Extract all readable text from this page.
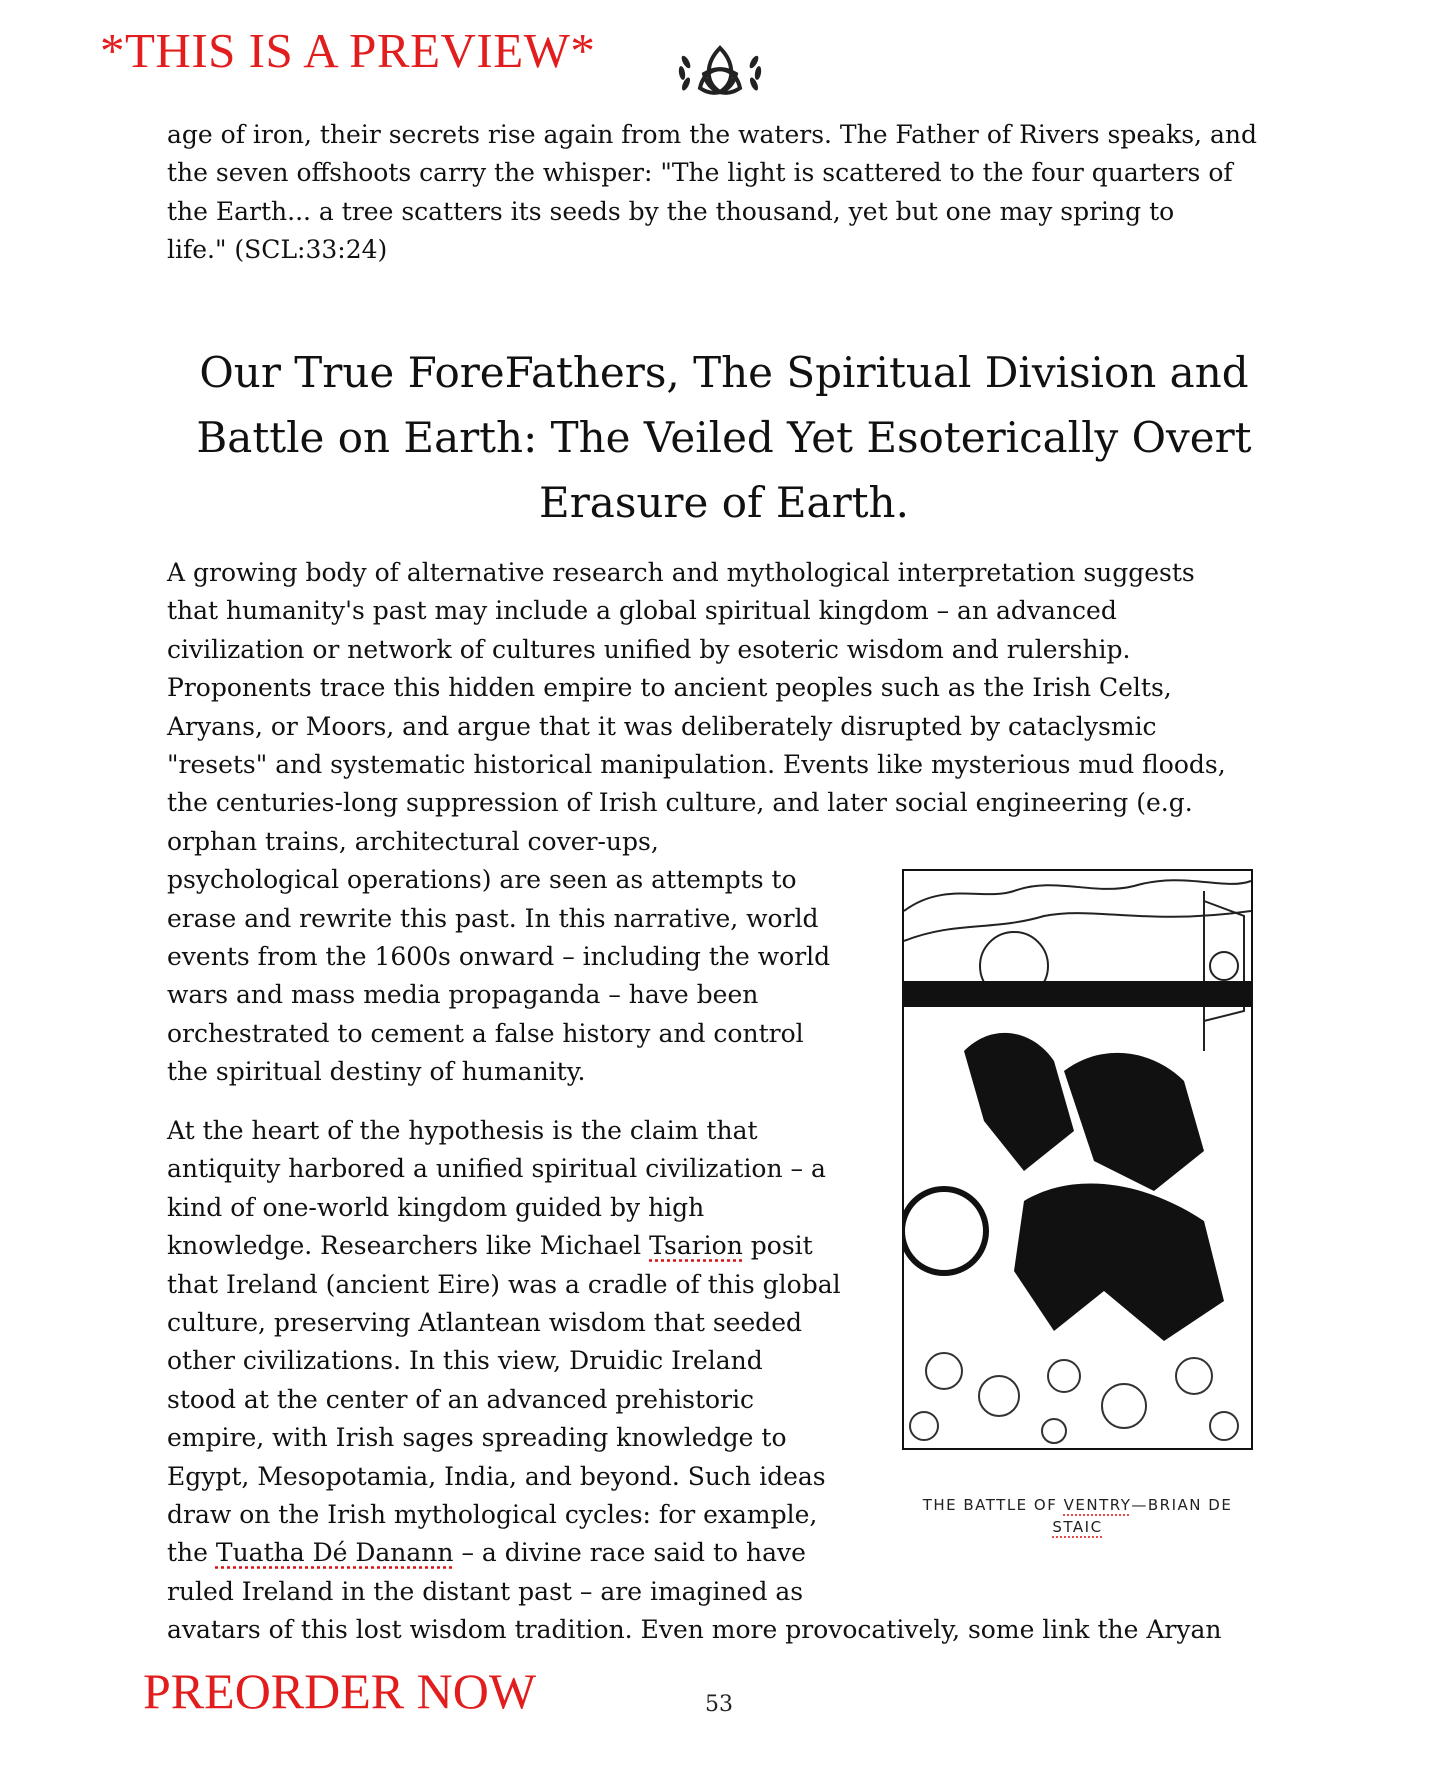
*THIS IS A PREVIEW*
age of iron, their secrets rise again from the waters. The Father of Rivers speaks, and
the seven offshoots carry the whisper: "The light is scattered to the four quarters of
the Earth... a tree scatters its seeds by the thousand, yet but one may spring to
life." (SCL:33:24)
Our True ForeFathers, The Spiritual Division and
Battle on Earth: The Veiled Yet Esoterically Overt
Erasure of Earth.
A growing body of alternative research and mythological interpretation suggests
that humanity's past may include a global spiritual kingdom – an advanced
civilization or network of cultures unified by esoteric wisdom and rulership.
Proponents trace this hidden empire to ancient peoples such as the Irish Celts,
Aryans, or Moors, and argue that it was deliberately disrupted by cataclysmic
"resets" and systematic historical manipulation. Events like mysterious mud floods,
the centuries-long suppression of Irish culture, and later social engineering (e.g.
orphan trains, architectural cover-ups,
psychological operations) are seen as attempts to
erase and rewrite this past. In this narrative, world
events from the 1600s onward – including the world
wars and mass media propaganda – have been
orchestrated to cement a false history and control
the spiritual destiny of humanity.
At the heart of the hypothesis is the claim that
antiquity harbored a unified spiritual civilization – a
kind of one-world kingdom guided by high
knowledge. Researchers like Michael Tsarion posit
that Ireland (ancient Eire) was a cradle of this global
culture, preserving Atlantean wisdom that seeded
other civilizations. In this view, Druidic Ireland
stood at the center of an advanced prehistoric
empire, with Irish sages spreading knowledge to
Egypt, Mesopotamia, India, and beyond. Such ideas
draw on the Irish mythological cycles: for example,
the Tuatha Dé Danann – a divine race said to have
ruled Ireland in the distant past – are imagined as
avatars of this lost wisdom tradition. Even more provocatively, some link the Aryan
THE BATTLE OF VENTRY—BRIAN DE
STAIC
PREORDER NOW	53
